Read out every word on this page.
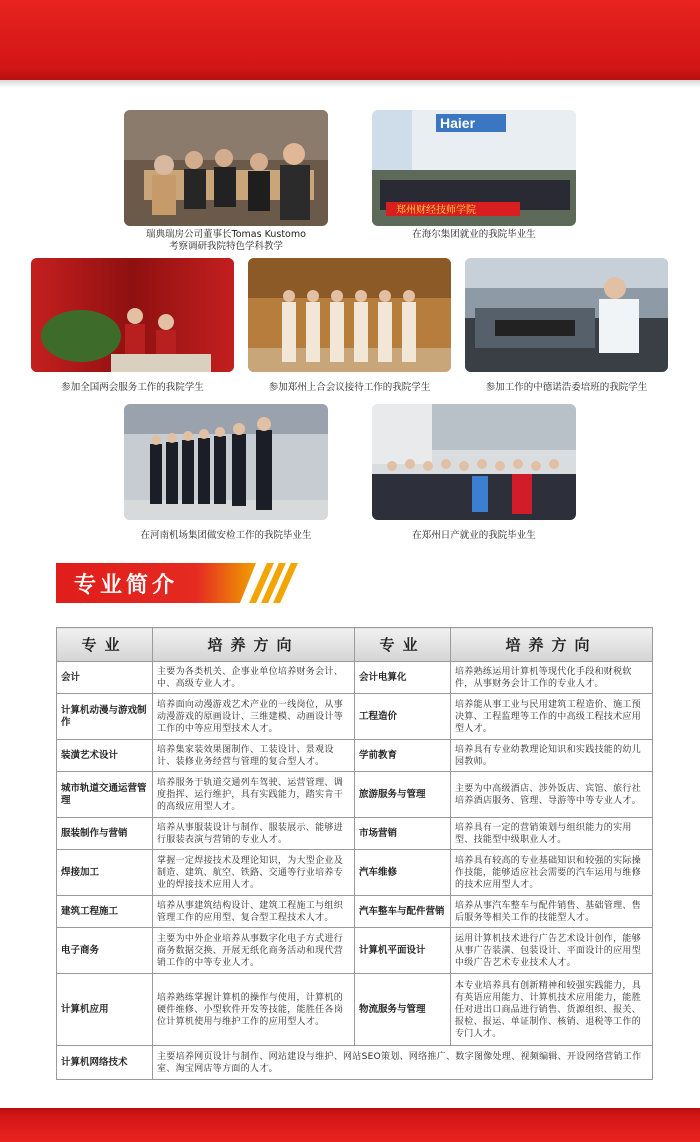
瑞典瑞房公司董事长Tomas Kustomo
考察调研我院特色学科教学
Haier
郑州财经技师学院
在海尔集团就业的我院毕业生
参加全国两会服务工作的我院学生	参加郑州上合会议接待工作的我院学生	参加工作的中德诺浩委培班的我院学生
在河南机场集团做安检工作的我院毕业生	在郑州日产就业的我院毕业生
专业简介
专业	培养方向	专业	培养方向
会计	主要为各类机关、企事业单位培养财务会计、中、高级专业人才。	会计电算化	培养熟练运用计算机等现代化手段和财税软件，从事财务会计工作的专业人才。
计算机动漫与游戏制作	培养面向动漫游戏艺术产业的一线岗位，从事动漫游戏的原画设计、三维建模、动画设计等工作的中等应用型技术人才。	工程造价	培养能从事工业与民用建筑工程造价、施工预决算、工程监理等工作的中高级工程技术应用型人才。
装潢艺术设计	培养集家装效果图制作、工装设计、景观设计、装修业务经营与管理的复合型人才。	学前教育	培养具有专业幼教理论知识和实践技能的幼儿园教师。
城市轨道交通运营管理	培养服务于轨道交通列车驾驶、运营管理、调度指挥、运行维护，具有实践能力，踏实肯干的高级应用型人才。	旅游服务与管理	主要为中高级酒店、涉外饭店、宾馆、旅行社培养酒店服务、管理、导游等中等专业人才。
服装制作与营销	培养从事服装设计与制作、服装展示、能够进行服装表演与营销的专业人才。	市场营销	培养具有一定的营销策划与组织能力的实用型、技能型中级职业人才。
焊接加工	掌握一定焊接技术及理论知识，为大型企业及制造、建筑、航空、铁路、交通等行业培养专业的焊接技术应用人才。	汽车维修	培养具有较高的专业基础知识和较强的实际操作技能，能够适应社会需要的汽车运用与维修的技术应用型人才。
建筑工程施工	培养从事建筑结构设计、建筑工程施工与组织管理工作的应用型、复合型工程技术人才。	汽车整车与配件营销	培养从事汽车整车与配件销售、基础管理、售后服务等相关工作的技能型人才。
电子商务	主要为中外企业培养从事数字化电子方式进行商务数据交换、开展无纸化商务活动和现代营销工作的中等专业人才。	计算机平面设计	运用计算机技术进行广告艺术设计创作，能够从事广告装潢、包装设计、平面设计的应用型中级广告艺术专业技术人才。
计算机应用	培养熟练掌握计算机的操作与使用，计算机的硬件维修、小型软件开发等技能，能胜任各岗位计算机使用与维护工作的应用型人才。	物流服务与管理	本专业培养具有创新精神和较强实践能力，具有英语应用能力、计算机技术应用能力，能胜任对进出口商品进行销售、货源组织、报关、报检、报运、单证制作、核销、退税等工作的专门人才。
计算机网络技术	主要培养网页设计与制作、网站建设与维护、网站SEO策划、网络推广、数字图像处理、视频编辑、开设网络营销工作室、淘宝网店等方面的人才。		
